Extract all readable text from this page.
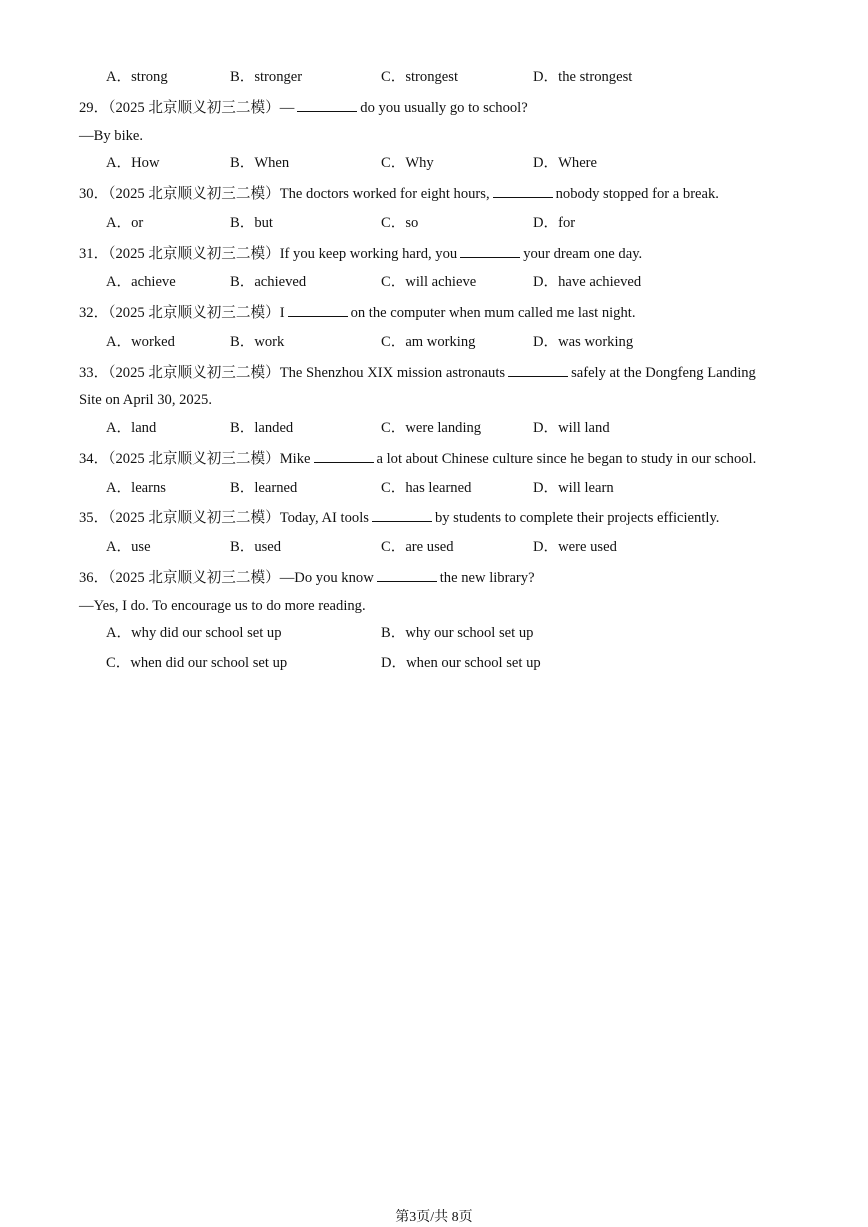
A．strong	B．stronger	C．strongest	D．the strongest
29．（2025 北京顺义初三二模）—	do you usually go to school?
—By bike.
A．How	B．When	C．Why	D．Where
30．（2025 北京顺义初三二模）The doctors worked for eight hours,	nobody stopped for a break.
A．or	B．but	C．so	D．for
31．（2025 北京顺义初三二模）If you keep working hard, you	your dream one day.
A．achieve	B．achieved	C．will achieve	D．have achieved
32．（2025 北京顺义初三二模）I	on the computer when mum called me last night.
A．worked	B．work	C．am working	D．was working
33．（2025 北京顺义初三二模）The Shenzhou XIX mission astronauts	safely at the Dongfeng Landing
Site on April 30, 2025.
A．land	B．landed	C．were landing	D．will land
34．（2025 北京顺义初三二模）Mike	a lot about Chinese culture since he began to study in our school.
A．learns	B．learned	C．has learned	D．will learn
35．（2025 北京顺义初三二模）Today, AI tools	by students to complete their projects efficiently.
A．use	B．used	C．are used	D．were used
36．（2025 北京顺义初三二模）—Do you know	the new library?
—Yes, I do. To encourage us to do more reading.
A．why did our school set up	B．why our school set up
C．when did our school set up	D．when our school set up
第3页/共 8页
